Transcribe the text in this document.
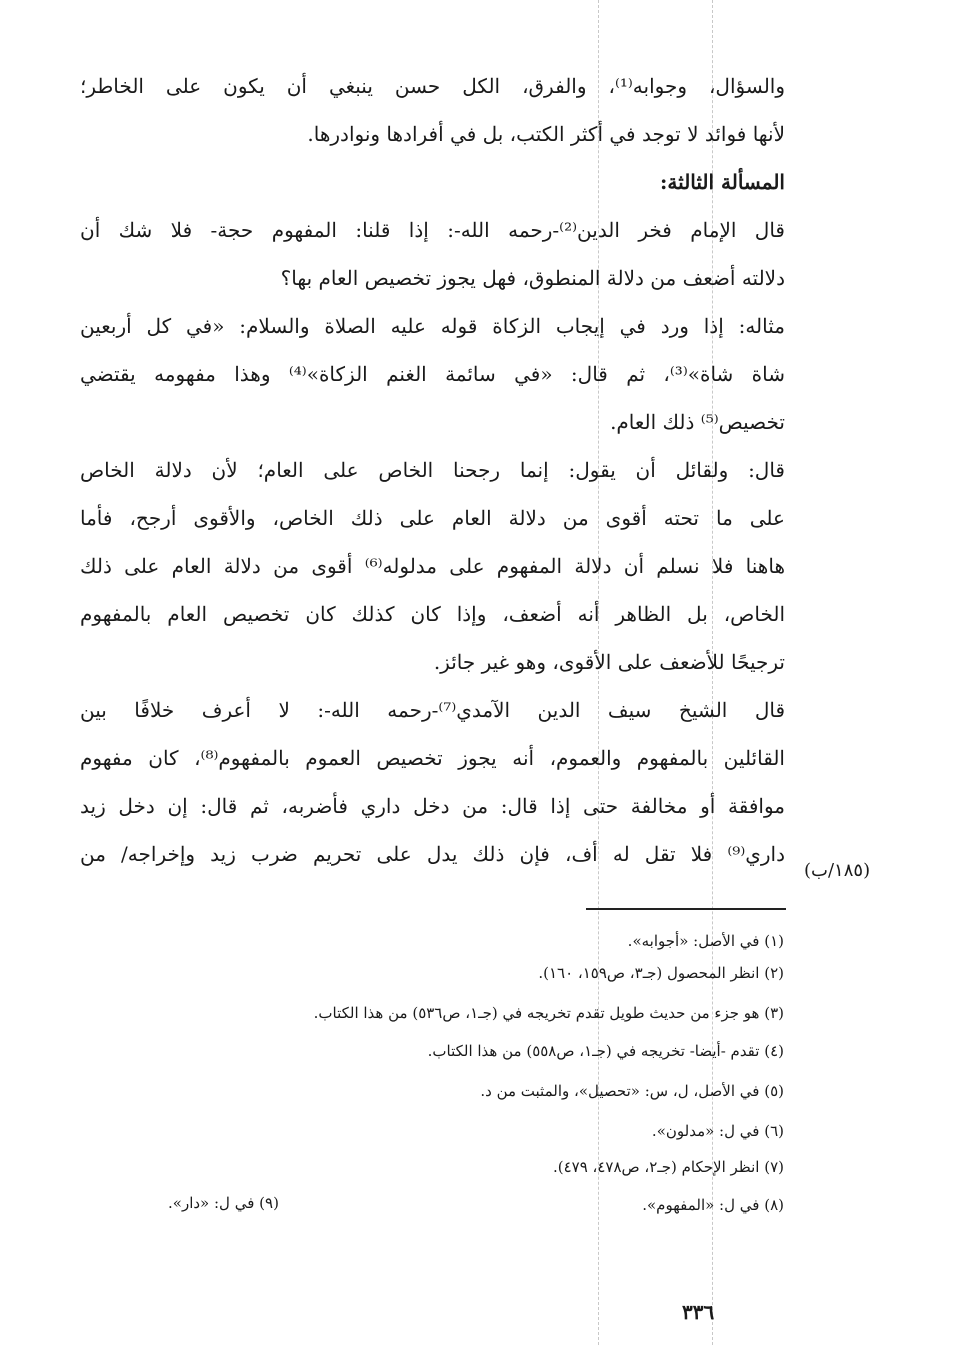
والسؤال، وجوابه⁽¹⁾، والفرق، الكل حسن ينبغي أن يكون على الخاطر؛
لأنها فوائد لا توجد في أكثر الكتب، بل في أفرادها ونوادرها.
المسألة الثالثة:
قال الإمام فخر الدين⁽²⁾-رحمه الله-: إذا قلنا: المفهوم حجة- فلا شك أن
دلالته أضعف من دلالة المنطوق، فهل يجوز تخصيص العام بها؟
مثاله: إذا ورد في إيجاب الزكاة قوله عليه الصلاة والسلام: «في كل أربعين
شاة شاة»⁽³⁾، ثم قال: «في سائمة الغنم الزكاة»⁽⁴⁾ وهذا مفهومه يقتضي
تخصيص⁽⁵⁾ ذلك العام.
قال: ولقائل أن يقول: إنما رجحنا الخاص على العام؛ لأن دلالة الخاص
على ما تحته أقوى من دلالة العام على ذلك الخاص، والأقوى أرجح، فأما
هاهنا فلا نسلم أن دلالة المفهوم على مدلوله⁽⁶⁾ أقوى من دلالة العام على ذلك
الخاص، بل الظاهر أنه أضعف، وإذا كان كذلك كان تخصيص العام بالمفهوم
ترجيحًا للأضعف على الأقوى، وهو غير جائز.
قال الشيخ سيف الدين الآمدي⁽⁷⁾-رحمه الله-: لا أعرف خلافًا بين
القائلين بالمفهوم والعموم، أنه يجوز تخصيص العموم بالمفهوم⁽⁸⁾، كان مفهوم
موافقة أو مخالفة حتى إذا قال: من دخل داري فأضربه، ثم قال: إن دخل زيد
داري⁽⁹⁾ فلا تقل له أف، فإن ذلك يدل على تحريم ضرب زيد وإخراجه/ من
(١٨٥/ب)
(١) في الأصل: «أجوابه».
(٢) انظر المحصول (جـ٣، ص١٥٩، ١٦٠).
(٣) هو جزء من حديث طويل تقدم تخريجه في (جـ١، ص٥٣٦) من هذا الكتاب.
(٤) تقدم -أيضا- تخريجه في (جـ١، ص٥٥٨) من هذا الكتاب.
(٥) في الأصل، ل، س: «تحصيل»، والمثبت من د.
(٦) في ل: «مدلون».
(٧) انظر الإحكام (جـ٢، ص٤٧٨، ٤٧٩).
(٨) في ل: «المفهوم».
(٩) في ل: «دار».
٣٣٦
